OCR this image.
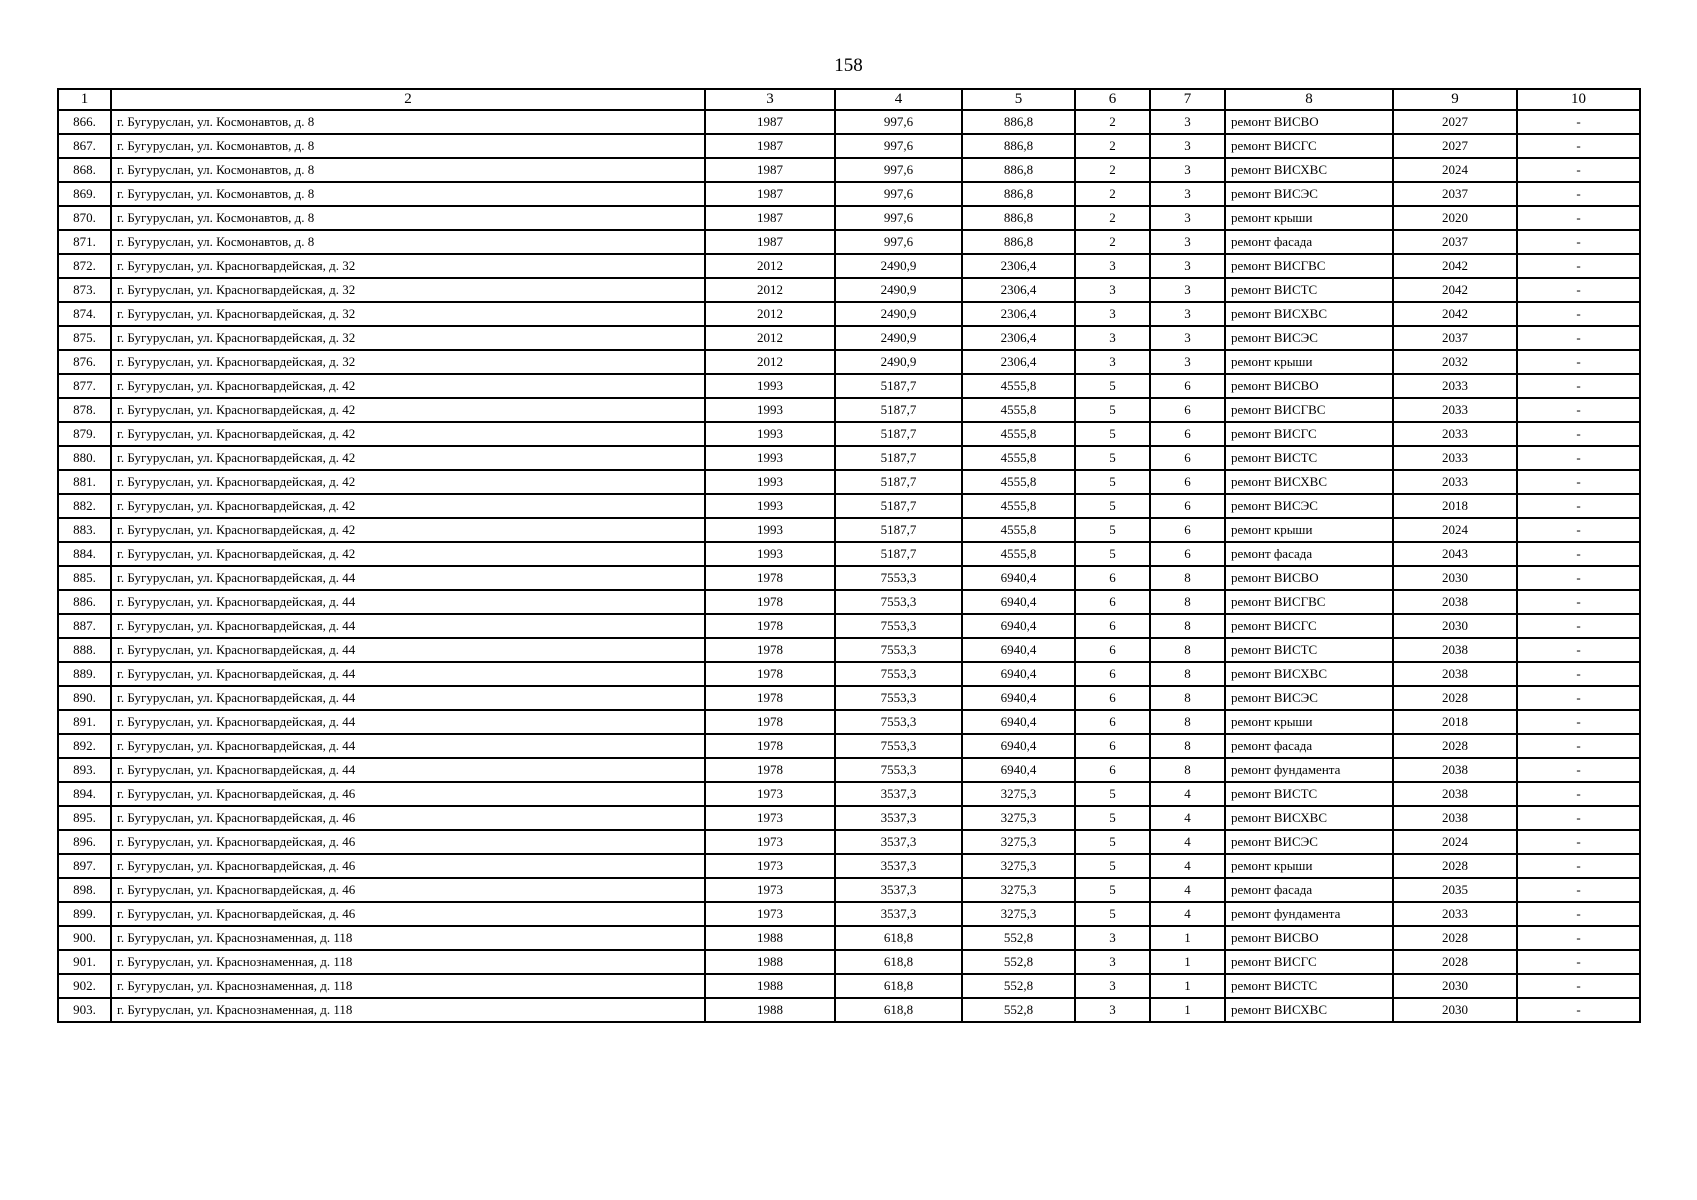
158
1	2	3	4	5	6	7	8	9	10
866.	г. Бугуруслан, ул. Космонавтов, д. 8	1987	997,6	886,8	2	3	ремонт ВИСВО	2027	-
867.	г. Бугуруслан, ул. Космонавтов, д. 8	1987	997,6	886,8	2	3	ремонт ВИСГС	2027	-
868.	г. Бугуруслан, ул. Космонавтов, д. 8	1987	997,6	886,8	2	3	ремонт ВИСХВС	2024	-
869.	г. Бугуруслан, ул. Космонавтов, д. 8	1987	997,6	886,8	2	3	ремонт ВИСЭС	2037	-
870.	г. Бугуруслан, ул. Космонавтов, д. 8	1987	997,6	886,8	2	3	ремонт крыши	2020	-
871.	г. Бугуруслан, ул. Космонавтов, д. 8	1987	997,6	886,8	2	3	ремонт фасада	2037	-
872.	г. Бугуруслан, ул. Красногвардейская, д. 32	2012	2490,9	2306,4	3	3	ремонт ВИСГВС	2042	-
873.	г. Бугуруслан, ул. Красногвардейская, д. 32	2012	2490,9	2306,4	3	3	ремонт ВИСТС	2042	-
874.	г. Бугуруслан, ул. Красногвардейская, д. 32	2012	2490,9	2306,4	3	3	ремонт ВИСХВС	2042	-
875.	г. Бугуруслан, ул. Красногвардейская, д. 32	2012	2490,9	2306,4	3	3	ремонт ВИСЭС	2037	-
876.	г. Бугуруслан, ул. Красногвардейская, д. 32	2012	2490,9	2306,4	3	3	ремонт крыши	2032	-
877.	г. Бугуруслан, ул. Красногвардейская, д. 42	1993	5187,7	4555,8	5	6	ремонт ВИСВО	2033	-
878.	г. Бугуруслан, ул. Красногвардейская, д. 42	1993	5187,7	4555,8	5	6	ремонт ВИСГВС	2033	-
879.	г. Бугуруслан, ул. Красногвардейская, д. 42	1993	5187,7	4555,8	5	6	ремонт ВИСГС	2033	-
880.	г. Бугуруслан, ул. Красногвардейская, д. 42	1993	5187,7	4555,8	5	6	ремонт ВИСТС	2033	-
881.	г. Бугуруслан, ул. Красногвардейская, д. 42	1993	5187,7	4555,8	5	6	ремонт ВИСХВС	2033	-
882.	г. Бугуруслан, ул. Красногвардейская, д. 42	1993	5187,7	4555,8	5	6	ремонт ВИСЭС	2018	-
883.	г. Бугуруслан, ул. Красногвардейская, д. 42	1993	5187,7	4555,8	5	6	ремонт крыши	2024	-
884.	г. Бугуруслан, ул. Красногвардейская, д. 42	1993	5187,7	4555,8	5	6	ремонт фасада	2043	-
885.	г. Бугуруслан, ул. Красногвардейская, д. 44	1978	7553,3	6940,4	6	8	ремонт ВИСВО	2030	-
886.	г. Бугуруслан, ул. Красногвардейская, д. 44	1978	7553,3	6940,4	6	8	ремонт ВИСГВС	2038	-
887.	г. Бугуруслан, ул. Красногвардейская, д. 44	1978	7553,3	6940,4	6	8	ремонт ВИСГС	2030	-
888.	г. Бугуруслан, ул. Красногвардейская, д. 44	1978	7553,3	6940,4	6	8	ремонт ВИСТС	2038	-
889.	г. Бугуруслан, ул. Красногвардейская, д. 44	1978	7553,3	6940,4	6	8	ремонт ВИСХВС	2038	-
890.	г. Бугуруслан, ул. Красногвардейская, д. 44	1978	7553,3	6940,4	6	8	ремонт ВИСЭС	2028	-
891.	г. Бугуруслан, ул. Красногвардейская, д. 44	1978	7553,3	6940,4	6	8	ремонт крыши	2018	-
892.	г. Бугуруслан, ул. Красногвардейская, д. 44	1978	7553,3	6940,4	6	8	ремонт фасада	2028	-
893.	г. Бугуруслан, ул. Красногвардейская, д. 44	1978	7553,3	6940,4	6	8	ремонт фундамента	2038	-
894.	г. Бугуруслан, ул. Красногвардейская, д. 46	1973	3537,3	3275,3	5	4	ремонт ВИСТС	2038	-
895.	г. Бугуруслан, ул. Красногвардейская, д. 46	1973	3537,3	3275,3	5	4	ремонт ВИСХВС	2038	-
896.	г. Бугуруслан, ул. Красногвардейская, д. 46	1973	3537,3	3275,3	5	4	ремонт ВИСЭС	2024	-
897.	г. Бугуруслан, ул. Красногвардейская, д. 46	1973	3537,3	3275,3	5	4	ремонт крыши	2028	-
898.	г. Бугуруслан, ул. Красногвардейская, д. 46	1973	3537,3	3275,3	5	4	ремонт фасада	2035	-
899.	г. Бугуруслан, ул. Красногвардейская, д. 46	1973	3537,3	3275,3	5	4	ремонт фундамента	2033	-
900.	г. Бугуруслан, ул. Краснознаменная, д. 118	1988	618,8	552,8	3	1	ремонт ВИСВО	2028	-
901.	г. Бугуруслан, ул. Краснознаменная, д. 118	1988	618,8	552,8	3	1	ремонт ВИСГС	2028	-
902.	г. Бугуруслан, ул. Краснознаменная, д. 118	1988	618,8	552,8	3	1	ремонт ВИСТС	2030	-
903.	г. Бугуруслан, ул. Краснознаменная, д. 118	1988	618,8	552,8	3	1	ремонт ВИСХВС	2030	-
